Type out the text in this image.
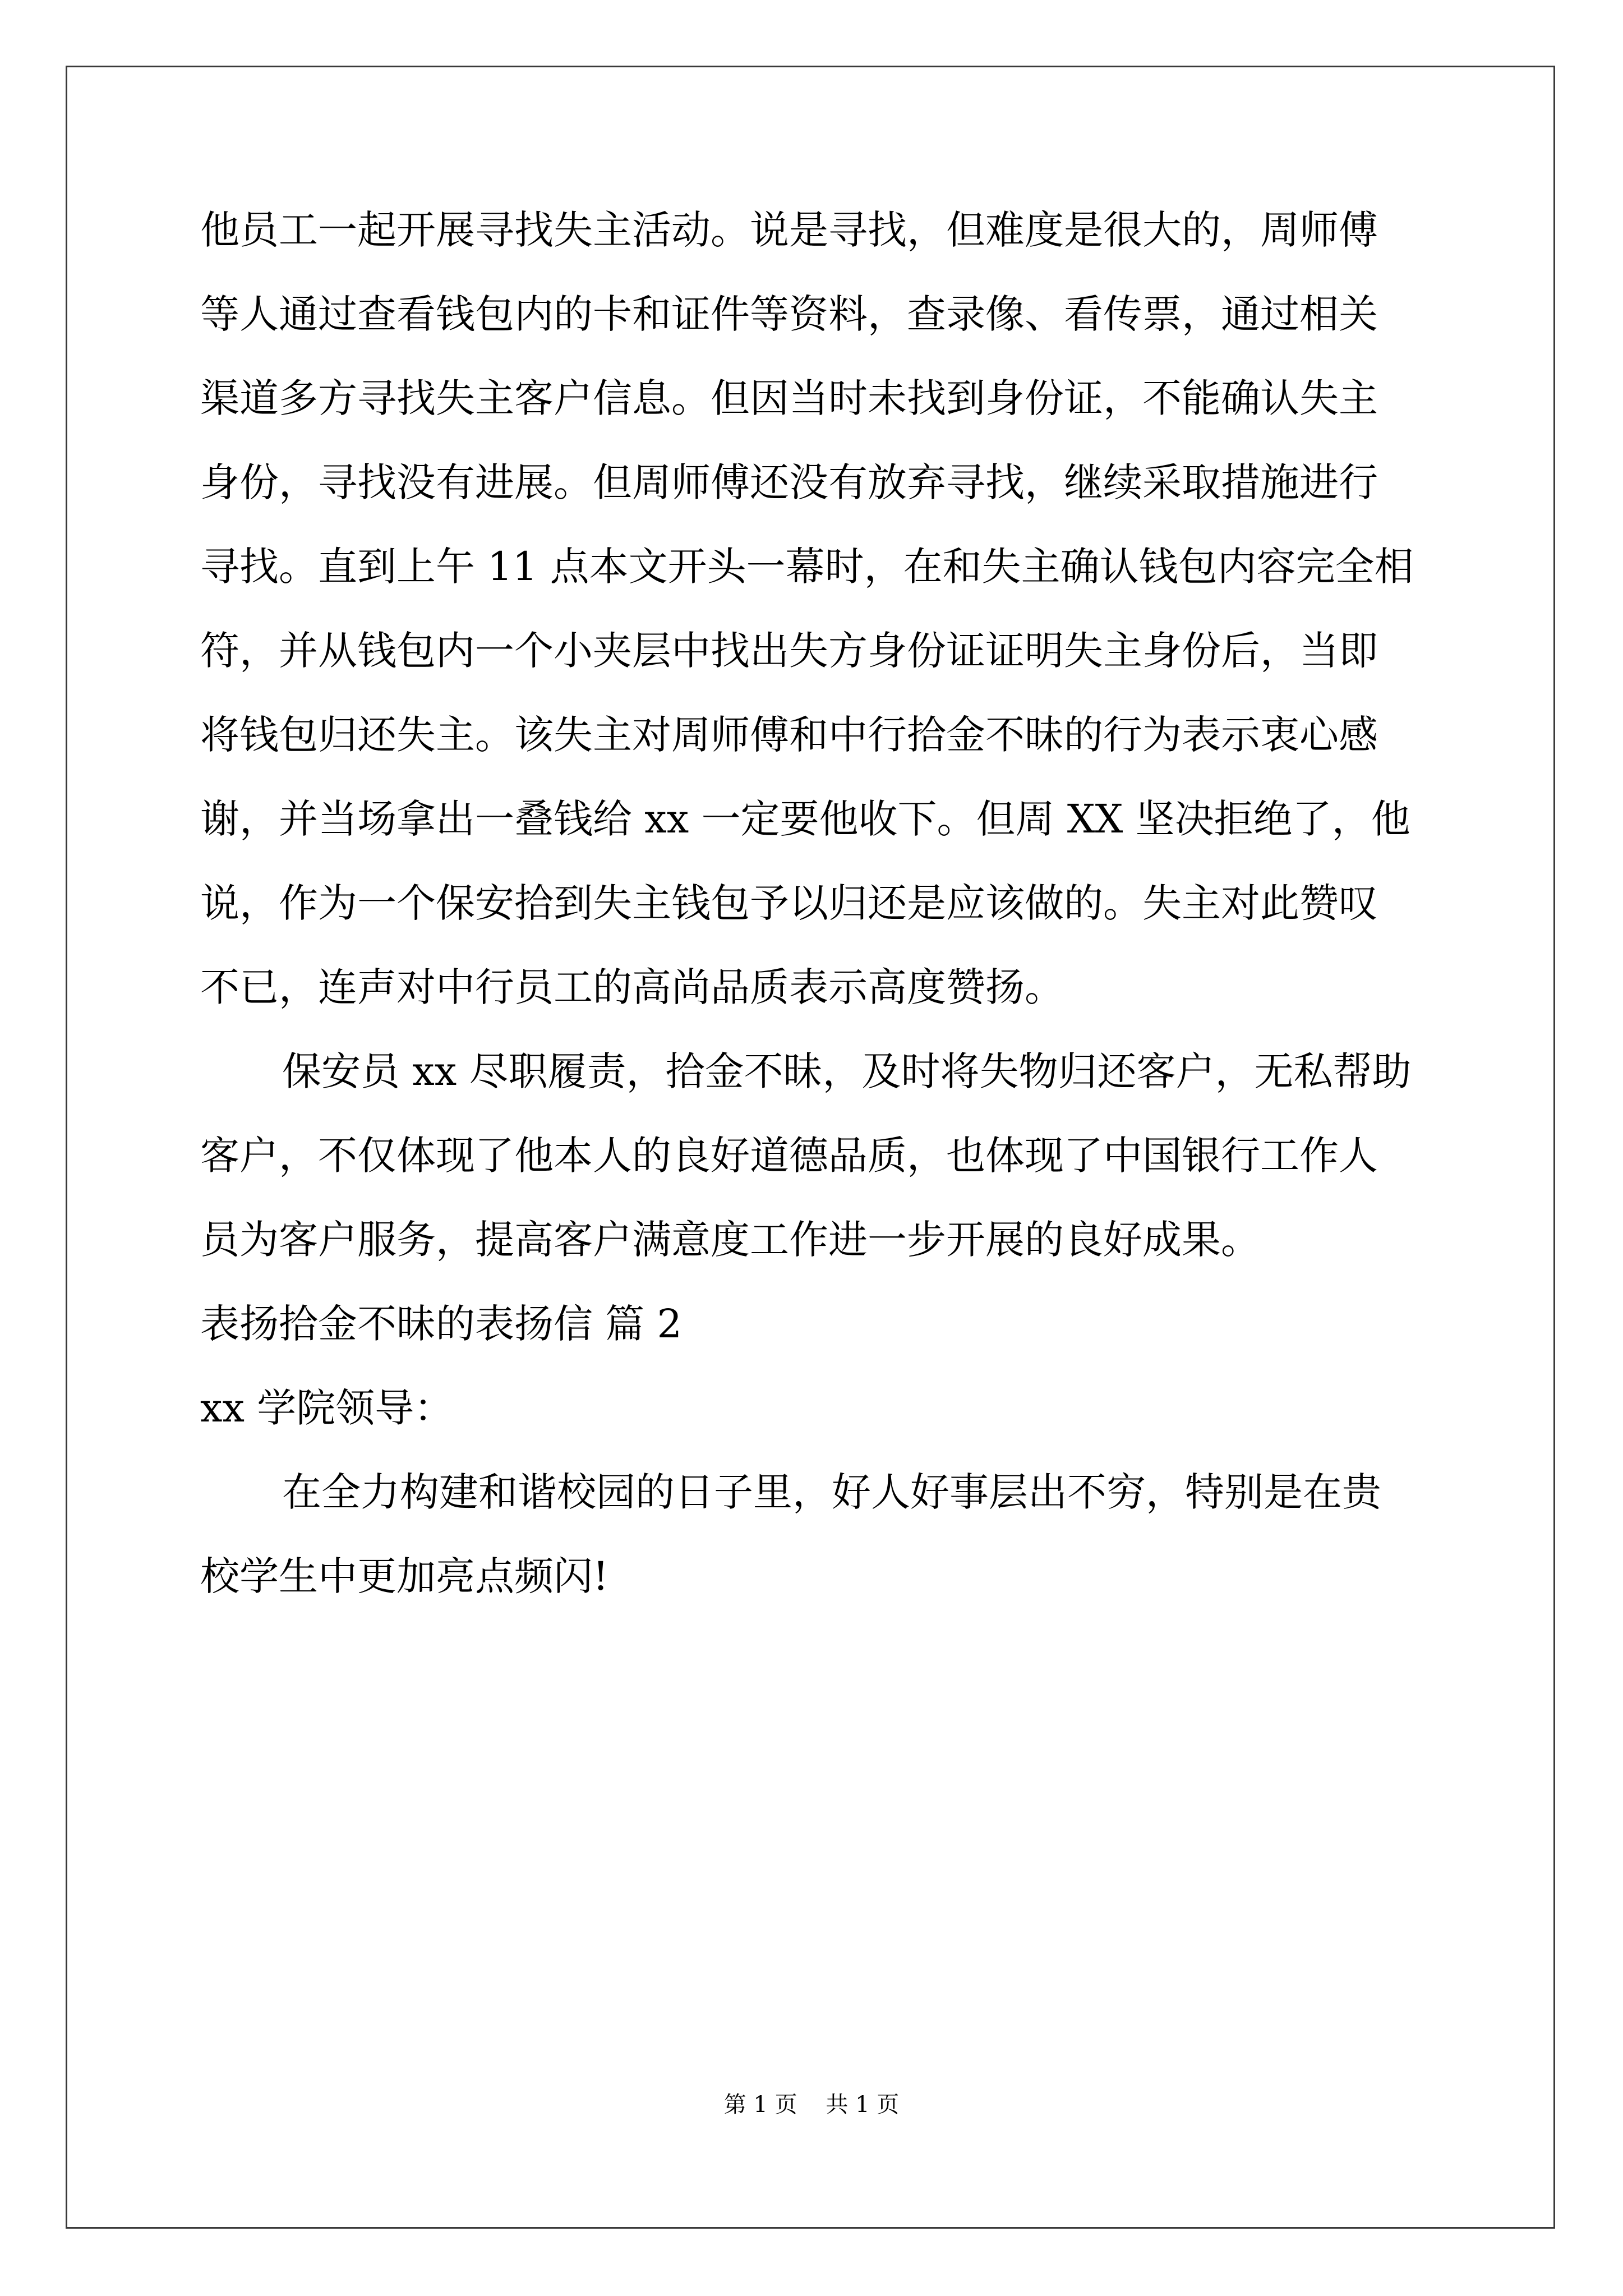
他员工一起开展寻找失主活动。说是寻找，但难度是很大的，周师傅
等人通过查看钱包内的卡和证件等资料，查录像、看传票，通过相关
渠道多方寻找失主客户信息。但因当时未找到身份证，不能确认失主
身份，寻找没有进展。但周师傅还没有放弃寻找，继续采取措施进行
寻找。直到上午 11 点本文开头一幕时，在和失主确认钱包内容完全相
符，并从钱包内一个小夹层中找出失方身份证证明失主身份后，当即
将钱包归还失主。该失主对周师傅和中行拾金不昧的行为表示衷心感
谢，并当场拿出一叠钱给 xx 一定要他收下。但周 XX 坚决拒绝了，他
说，作为一个保安拾到失主钱包予以归还是应该做的。失主对此赞叹
不已，连声对中行员工的高尚品质表示高度赞扬。
保安员 xx 尽职履责，拾金不昧，及时将失物归还客户，无私帮助
客户，不仅体现了他本人的良好道德品质，也体现了中国银行工作人
员为客户服务，提高客户满意度工作进一步开展的良好成果。
表扬拾金不昧的表扬信 篇 2
xx 学院领导：
在全力构建和谐校园的日子里，好人好事层出不穷，特别是在贵
校学生中更加亮点频闪!
第 1 页    共 1 页
